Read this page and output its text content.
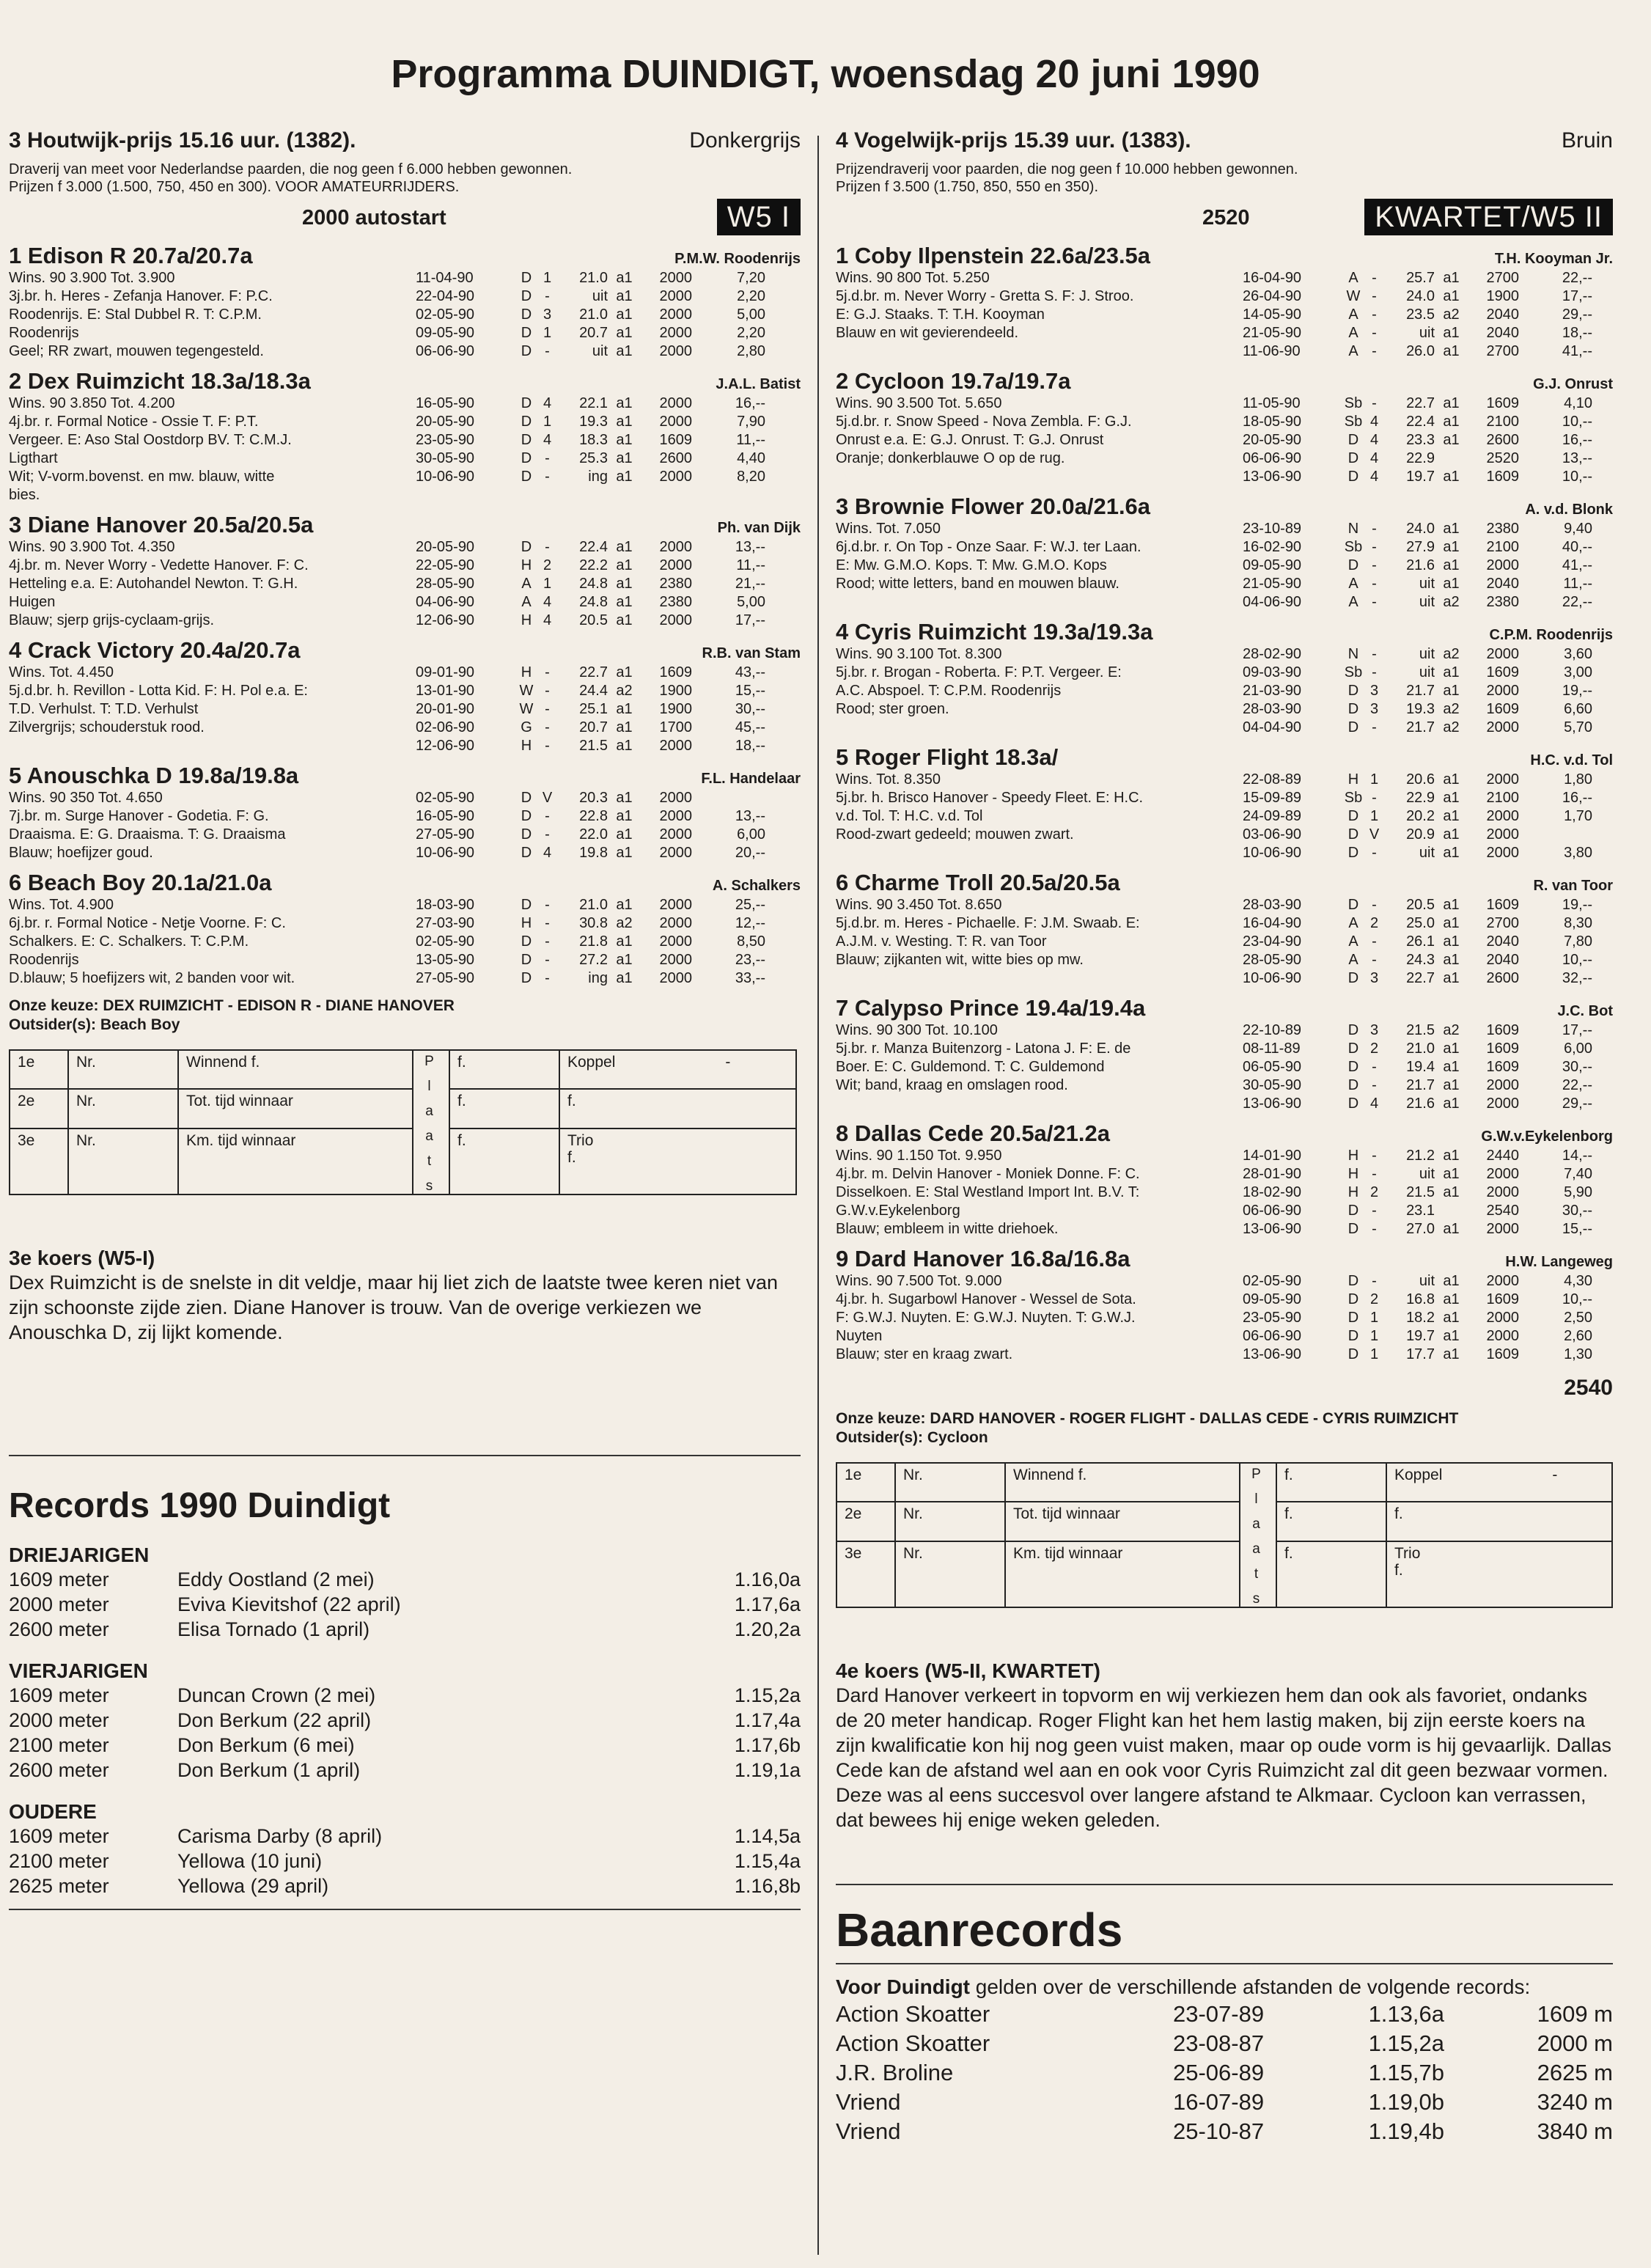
Programma DUINDIGT, woensdag 20 juni 1990
3 Houtwijk-prijs 15.16 uur. (1382).	Donkergrijs
Draverij van meet voor Nederlandse paarden, die nog geen f 6.000 hebben gewonnen.
Prijzen f 3.000 (1.500, 750, 450 en 300). VOOR AMATEURRIJDERS.
2000 autostart	W5 I
1 Edison R 20.7a/20.7a	P.M.W. Roodenrijs
Wins. 90 3.900 Tot. 3.900
3j.br. h. Heres - Zefanja Hanover. F: P.C.
Roodenrijs. E: Stal Dubbel R. T: C.P.M.
Roodenrijs
Geel; RR zwart, mouwen tegengesteld.
11-04-90	D 1	21.0 a1	2000	7,20
22-04-90	D -	uit a1	2000	2,20
02-05-90	D 3	21.0 a1	2000	5,00
09-05-90	D 1	20.7 a1	2000	2,20
06-06-90	D -	uit a1	2000	2,80
2 Dex Ruimzicht 18.3a/18.3a	J.A.L. Batist
Wins. 90 3.850 Tot. 4.200
4j.br. r. Formal Notice - Ossie T. F: P.T.
Vergeer. E: Aso Stal Oostdorp BV. T: C.M.J.
Ligthart
Wit; V-vorm.bovenst. en mw. blauw, witte
bies.
16-05-90	D 4	22.1 a1	2000	16,--
20-05-90	D 1	19.3 a1	2000	7,90
23-05-90	D 4	18.3 a1	1609	11,--
30-05-90	D -	25.3 a1	2600	4,40
10-06-90	D -	ing a1	2000	8,20
3 Diane Hanover 20.5a/20.5a	Ph. van Dijk
Wins. 90 3.900 Tot. 4.350
4j.br. m. Never Worry - Vedette Hanover. F: C.
Hetteling e.a. E: Autohandel Newton. T: G.H.
Huigen
Blauw; sjerp grijs-cyclaam-grijs.
20-05-90	D -	22.4 a1	2000	13,--
22-05-90	H 2	22.2 a1	2000	11,--
28-05-90	A 1	24.8 a1	2380	21,--
04-06-90	A 4	24.8 a1	2380	5,00
12-06-90	H 4	20.5 a1	2000	17,--
4 Crack Victory 20.4a/20.7a	R.B. van Stam
Wins. Tot. 4.450
5j.d.br. h. Revillon - Lotta Kid. F: H. Pol e.a. E:
T.D. Verhulst. T: T.D. Verhulst
Zilvergrijs; schouderstuk rood.
09-01-90	H -	22.7 a1	1609	43,--
13-01-90	W -	24.4 a2	1900	15,--
20-01-90	W -	25.1 a1	1900	30,--
02-06-90	G -	20.7 a1	1700	45,--
12-06-90	H -	21.5 a1	2000	18,--
5 Anouschka D 19.8a/19.8a	F.L. Handelaar
Wins. 90 350 Tot. 4.650
7j.br. m. Surge Hanover - Godetia. F: G.
Draaisma. E: G. Draaisma. T: G. Draaisma
Blauw; hoefijzer goud.
02-05-90	D V	20.3 a1	2000
16-05-90	D -	22.8 a1	2000	13,--
27-05-90	D -	22.0 a1	2000	6,00
10-06-90	D 4	19.8 a1	2000	20,--
6 Beach Boy 20.1a/21.0a	A. Schalkers
Wins. Tot. 4.900
6j.br. r. Formal Notice - Netje Voorne. F: C.
Schalkers. E: C. Schalkers. T: C.P.M.
Roodenrijs
D.blauw; 5 hoefijzers wit, 2 banden voor wit.
18-03-90	D -	21.0 a1	2000	25,--
27-03-90	H -	30.8 a2	2000	12,--
02-05-90	D -	21.8 a1	2000	8,50
13-05-90	D -	27.2 a1	2000	23,--
27-05-90	D -	ing a1	2000	33,--
Onze keuze: DEX RUIMZICHT - EDISON R - DIANE HANOVER
Outsider(s): Beach Boy
1e	Nr.	Winnend f.	P l a a t s	f.	Koppel -
2e	Nr.	Tot. tijd winnaar		f.	f.
3e	Nr.	Km. tijd winnaar		f.	Trio
f.
3e koers (W5-I)

Dex Ruimzicht is de snelste in dit veldje, maar hij liet zich de laatste twee keren niet van zijn schoonste zijde zien. Diane Hanover is trouw. Van de overige verkiezen we Anouschka D, zij lijkt komende.

Records 1990 Duindigt
DRIEJARIGEN
1609 meter	Eddy Oostland (2 mei)	1.16,0a
2000 meter	Eviva Kievitshof (22 april)	1.17,6a
2600 meter	Elisa Tornado (1 april)	1.20,2a
VIERJARIGEN
1609 meter	Duncan Crown (2 mei)	1.15,2a
2000 meter	Don Berkum (22 april)	1.17,4a
2100 meter	Don Berkum (6 mei)	1.17,6b
2600 meter	Don Berkum (1 april)	1.19,1a
OUDERE
1609 meter	Carisma Darby (8 april)	1.14,5a
2100 meter	Yellowa (10 juni)	1.15,4a
2625 meter	Yellowa (29 april)	1.16,8b
4 Vogelwijk-prijs 15.39 uur. (1383).	Bruin
Prijzendraverij voor paarden, die nog geen f 10.000 hebben gewonnen.
Prijzen f 3.500 (1.750, 850, 550 en 350).
2520	KWARTET/W5 II
1 Coby Ilpenstein 22.6a/23.5a	T.H. Kooyman Jr.
Wins. 90 800 Tot. 5.250
5j.d.br. m. Never Worry - Gretta S. F: J. Stroo.
E: G.J. Staaks. T: T.H. Kooyman
Blauw en wit gevierendeeld.
16-04-90	A -	25.7 a1	2700	22,--
26-04-90	W -	24.0 a1	1900	17,--
14-05-90	A -	23.5 a2	2040	29,--
21-05-90	A -	uit a1	2040	18,--
11-06-90	A -	26.0 a1	2700	41,--
2 Cycloon 19.7a/19.7a	G.J. Onrust
Wins. 90 3.500 Tot. 5.650
5j.d.br. r. Snow Speed - Nova Zembla. F: G.J.
Onrust e.a. E: G.J. Onrust. T: G.J. Onrust
Oranje; donkerblauwe O op de rug.
11-05-90	Sb -	22.7 a1	1609	4,10
18-05-90	Sb 4	22.4 a1	2100	10,--
20-05-90	D 4	23.3 a1	2600	16,--
06-06-90	D 4	22.9	2520	13,--
13-06-90	D 4	19.7 a1	1609	10,--
3 Brownie Flower 20.0a/21.6a	A. v.d. Blonk
Wins. Tot. 7.050
6j.d.br. r. On Top - Onze Saar. F: W.J. ter Laan.
E: Mw. G.M.O. Kops. T: Mw. G.M.O. Kops
Rood; witte letters, band en mouwen blauw.
23-10-89	N -	24.0 a1	2380	9,40
16-02-90	Sb -	27.9 a1	2100	40,--
09-05-90	D -	21.6 a1	2000	41,--
21-05-90	A -	uit a1	2040	11,--
04-06-90	A -	uit a2	2380	22,--
4 Cyris Ruimzicht 19.3a/19.3a	C.P.M. Roodenrijs
Wins. 90 3.100 Tot. 8.300
5j.br. r. Brogan - Roberta. F: P.T. Vergeer. E:
A.C. Abspoel. T: C.P.M. Roodenrijs
Rood; ster groen.
28-02-90	N -	uit a2	2000	3,60
09-03-90	Sb -	uit a1	1609	3,00
21-03-90	D 3	21.7 a1	2000	19,--
28-03-90	D 3	19.3 a2	1609	6,60
04-04-90	D -	21.7 a2	2000	5,70
5 Roger Flight 18.3a/	H.C. v.d. Tol
Wins. Tot. 8.350
5j.br. h. Brisco Hanover - Speedy Fleet. E: H.C.
v.d. Tol. T: H.C. v.d. Tol
Rood-zwart gedeeld; mouwen zwart.
22-08-89	H 1	20.6 a1	2000	1,80
15-09-89	Sb -	22.9 a1	2100	16,--
24-09-89	D 1	20.2 a1	2000	1,70
03-06-90	D V	20.9 a1	2000
10-06-90	D -	uit a1	2000	3,80
6 Charme Troll 20.5a/20.5a	R. van Toor
Wins. 90 3.450 Tot. 8.650
5j.d.br. m. Heres - Pichaelle. F: J.M. Swaab. E:
A.J.M. v. Westing. T: R. van Toor
Blauw; zijkanten wit, witte bies op mw.
28-03-90	D -	20.5 a1	1609	19,--
16-04-90	A 2	25.0 a1	2700	8,30
23-04-90	A -	26.1 a1	2040	7,80
28-05-90	A -	24.3 a1	2040	10,--
10-06-90	D 3	22.7 a1	2600	32,--
7 Calypso Prince 19.4a/19.4a	J.C. Bot
Wins. 90 300 Tot. 10.100
5j.br. r. Manza Buitenzorg - Latona J. F: E. de
Boer. E: C. Guldemond. T: C. Guldemond
Wit; band, kraag en omslagen rood.
22-10-89	D 3	21.5 a2	1609	17,--
08-11-89	D 2	21.0 a1	1609	6,00
06-05-90	D -	19.4 a1	1609	30,--
30-05-90	D -	21.7 a1	2000	22,--
13-06-90	D 4	21.6 a1	2000	29,--
8 Dallas Cede 20.5a/21.2a	G.W.v.Eykelenborg
Wins. 90 1.150 Tot. 9.950
4j.br. m. Delvin Hanover - Moniek Donne. F: C.
Disselkoen. E: Stal Westland Import Int. B.V. T:
G.W.v.Eykelenborg
Blauw; embleem in witte driehoek.
14-01-90	H -	21.2 a1	2440	14,--
28-01-90	H -	uit a1	2000	7,40
18-02-90	H 2	21.5 a1	2000	5,90
06-06-90	D -	23.1	2540	30,--
13-06-90	D -	27.0 a1	2000	15,--
9 Dard Hanover 16.8a/16.8a	H.W. Langeweg
Wins. 90 7.500 Tot. 9.000
4j.br. h. Sugarbowl Hanover - Wessel de Sota.
F: G.W.J. Nuyten. E: G.W.J. Nuyten. T: G.W.J.
Nuyten
Blauw; ster en kraag zwart.
02-05-90	D -	uit a1	2000	4,30
09-05-90	D 2	16.8 a1	1609	10,--
23-05-90	D 1	18.2 a1	2000	2,50
06-06-90	D 1	19.7 a1	2000	2,60
13-06-90	D 1	17.7 a1	1609	1,30
2540
Onze keuze: DARD HANOVER - ROGER FLIGHT - DALLAS CEDE - CYRIS RUIMZICHT
Outsider(s): Cycloon
1e	Nr.	Winnend f.	P l a a t s	f.	Koppel -
2e	Nr.	Tot. tijd winnaar		f.	f.
3e	Nr.	Km. tijd winnaar		f.	Trio
f.
4e koers (W5-II, KWARTET)

Dard Hanover verkeert in topvorm en wij verkiezen hem dan ook als favoriet, ondanks de 20 meter handicap. Roger Flight kan het hem lastig maken, bij zijn eerste koers na zijn kwalificatie kon hij nog geen vuist maken, maar op oude vorm is hij gevaarlijk. Dallas Cede kan de afstand wel aan en ook voor Cyris Ruimzicht zal dit geen bezwaar vormen. Deze was al eens succesvol over langere afstand te Alkmaar. Cycloon kan verrassen, dat bewees hij enige weken geleden.

Baanrecords
Voor Duindigt gelden over de verschillende afstanden de volgende records:
Action Skoatter	23-07-89	1.13,6a	1609 m
Action Skoatter	23-08-87	1.15,2a	2000 m
J.R. Broline	25-06-89	1.15,7b	2625 m
Vriend	16-07-89	1.19,0b	3240 m
Vriend	25-10-87	1.19,4b	3840 m
